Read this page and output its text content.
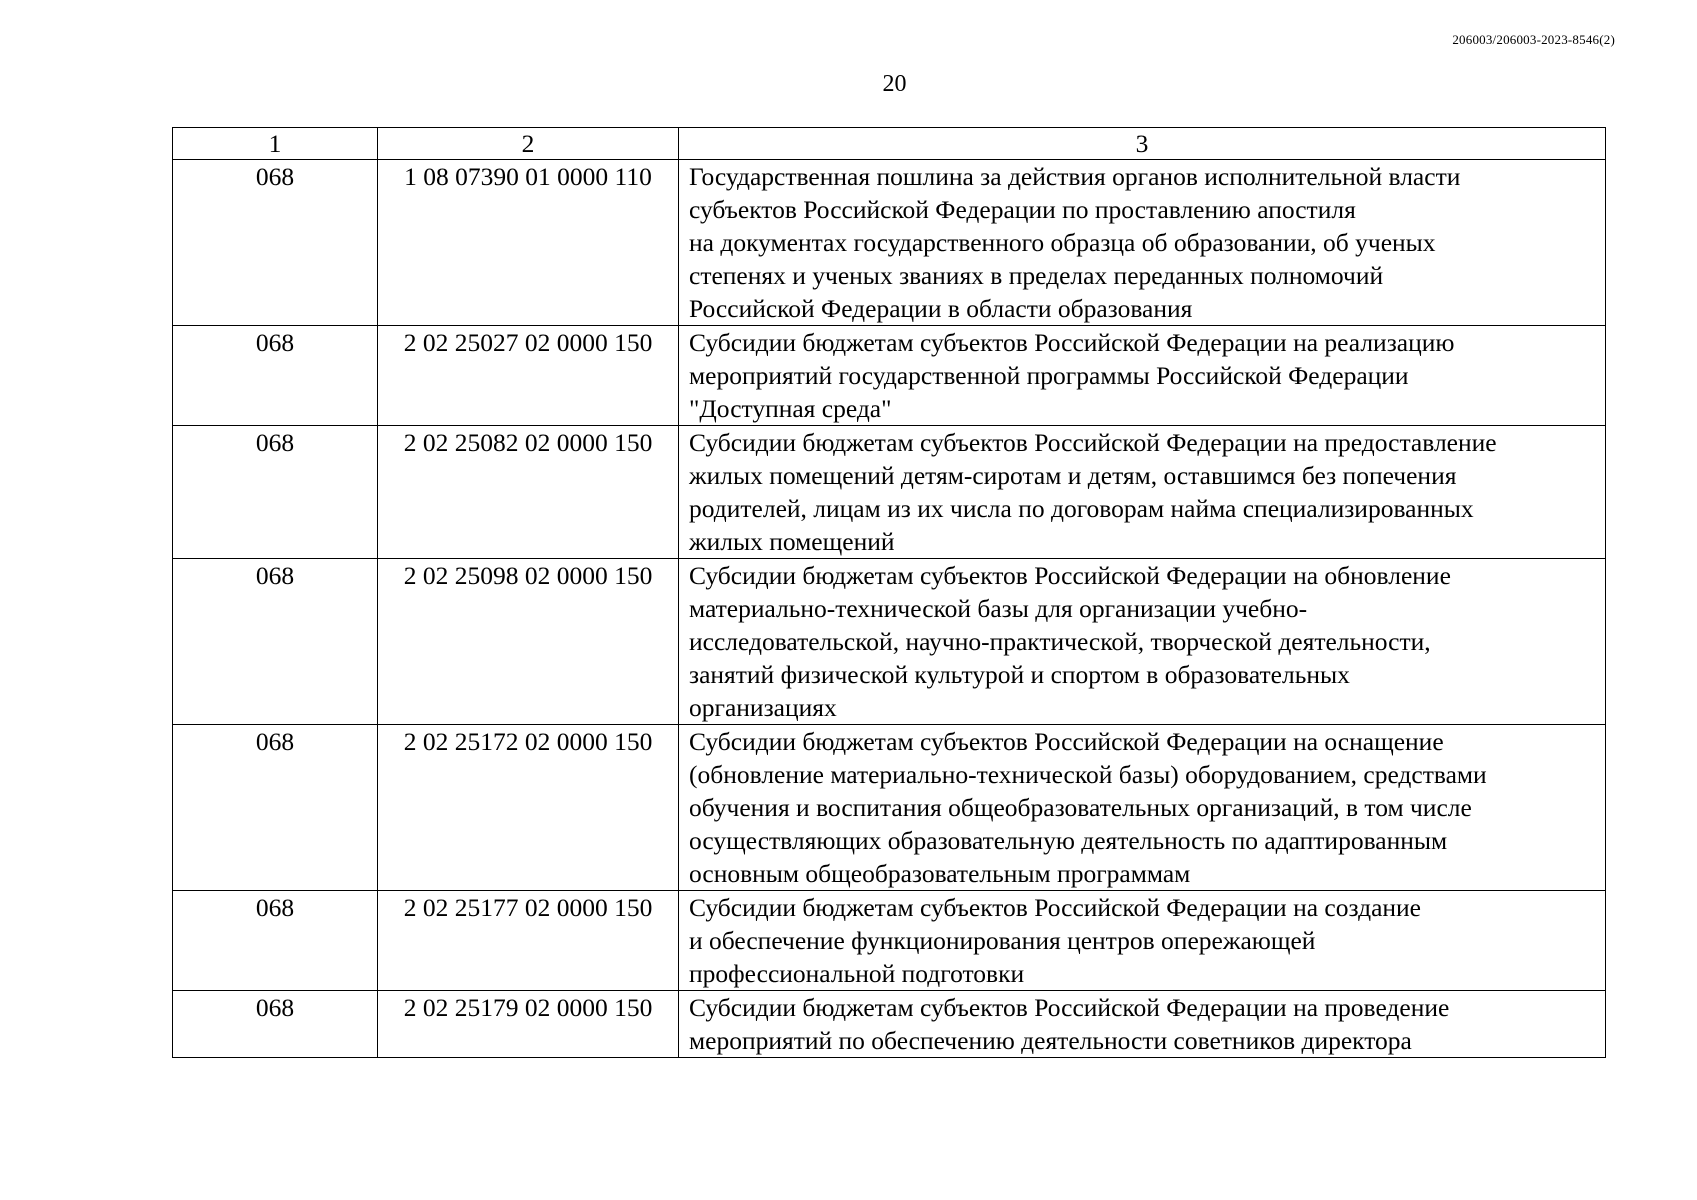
206003/206003-2023-8546(2)
20
1	2	3
068	1 08 07390 01 0000 110	Государственная пошлина за действия органов исполнительной власти
субъектов Российской Федерации по проставлению апостиля
на документах государственного образца об образовании, об ученых
степенях и ученых званиях в пределах переданных полномочий
Российской Федерации в области образования
068	2 02 25027 02 0000 150	Субсидии бюджетам субъектов Российской Федерации на реализацию
мероприятий государственной программы Российской Федерации
"Доступная среда"
068	2 02 25082 02 0000 150	Субсидии бюджетам субъектов Российской Федерации на предоставление
жилых помещений детям-сиротам и детям, оставшимся без попечения
родителей, лицам из их числа по договорам найма специализированных
жилых помещений
068	2 02 25098 02 0000 150	Субсидии бюджетам субъектов Российской Федерации на обновление
материально-технической базы для организации учебно-
исследовательской, научно-практической, творческой деятельности,
занятий физической культурой и спортом в образовательных
организациях
068	2 02 25172 02 0000 150	Субсидии бюджетам субъектов Российской Федерации на оснащение
(обновление материально-технической базы) оборудованием, средствами
обучения и воспитания общеобразовательных организаций, в том числе
осуществляющих образовательную деятельность по адаптированным
основным общеобразовательным программам
068	2 02 25177 02 0000 150	Субсидии бюджетам субъектов Российской Федерации на создание
и обеспечение функционирования центров опережающей
профессиональной подготовки
068	2 02 25179 02 0000 150	Субсидии бюджетам субъектов Российской Федерации на проведение
мероприятий по обеспечению деятельности советников директора
